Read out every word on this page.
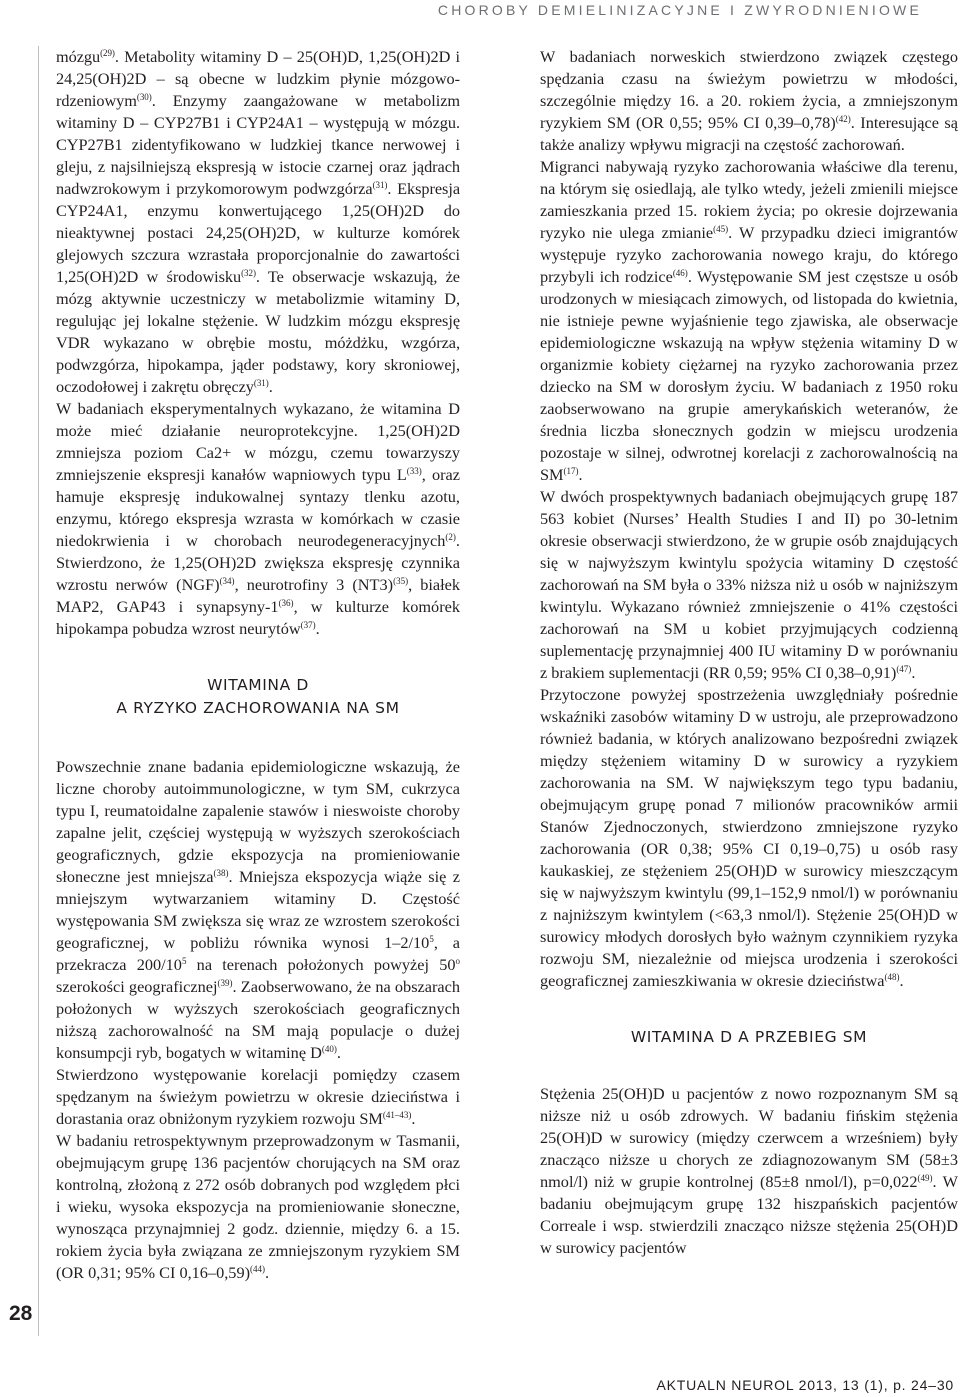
CHOROBY DEMIELINIZACYJNE I ZWYRODNIENIOWE
28

mózgu$^{(29)}$. Metabolity witaminy D – 25(OH)D, 1,25(OH)2D i 24,25(OH)2D – są obecne w ludzkim płynie mózgowo-rdzeniowym$^{(30)}$. Enzymy zaangażowane w metabolizm witaminy D – CYP27B1 i CYP24A1 – występują w mózgu. CYP27B1 zidentyfikowano w ludzkiej tkance nerwowej i gleju, z najsilniejszą ekspresją w istocie czarnej oraz jądrach nadwzrokowym i przykomorowym podwzgórza$^{(31)}$. Ekspresja CYP24A1, enzymu konwertującego 1,25(OH)2D do nieaktywnej postaci 24,25(OH)2D, w kulturze komórek glejowych szczura wzrastała proporcjonalnie do zawartości 1,25(OH)2D w środowisku$^{(32)}$. Te obserwacje wskazują, że mózg aktywnie uczestniczy w metabolizmie witaminy D, regulując jej lokalne stężenie. W ludzkim mózgu ekspresję VDR wykazano w obrębie mostu, móżdżku, wzgórza, podwzgórza, hipokampa, jąder podstawy, kory skroniowej, oczodołowej i zakrętu obręczy$^{(31)}$.

W badaniach eksperymentalnych wykazano, że witamina D może mieć działanie neuroprotekcyjne. 1,25(OH)2D zmniejsza poziom Ca2+ w mózgu, czemu towarzyszy zmniejszenie ekspresji kanałów wapniowych typu $L^{(33)}$, oraz hamuje ekspresję indukowalnej syntazy tlenku azotu, enzymu, którego ekspresja wzrasta w komórkach w czasie niedokrwienia i w chorobach neurodegeneracyjnych$^{(2)}$. Stwierdzono, że 1,25(OH)2D zwiększa ekspresję czynnika wzrostu nerwów (NGF)$^{(34)}$, neurotrofiny 3 $(NT3)^{(35)}$, białek MAP2, GAP43 i synapsyny-1$^{(36)}$, w kulturze komórek hipokampa pobudza wzrost neurytów$^{(37)}$.

WITAMINA D

A RYZYKO ZACHOROWANIA NA SM

Powszechnie znane badania epidemiologiczne wskazują, że liczne choroby autoimmunologiczne, w tym SM, cukrzyca typu I, reumatoidalne zapalenie stawów i nieswoiste choroby zapalne jelit, częściej występują w wyższych szerokościach geograficznych, gdzie ekspozycja na promieniowanie słoneczne jest mniejsza$^{(38)}$. Mniejsza ekspozycja wiąże się z mniejszym wytwarzaniem witaminy D. Częstość występowania SM zwiększa się wraz ze wzrostem szerokości geograficznej, w pobliżu równika wynosi $1-2/10^5$, a przekracza $200/10^5$ na terenach położonych powyżej 50$^o$ szerokości geograficznej$^{(39)}$. Zaobserwowano, że na obszarach położonych w wyższych szerokościach geograficznych niższą zachorowalność na SM mają populacje o dużej konsumpcji ryb, bogatych w witaminę $D^{(40)}$.

Stwierdzono występowanie korelacji pomiędzy czasem spędzanym na świeżym powietrzu w okresie dzieciństwa i dorastania oraz obniżonym ryzykiem rozwoju SM$^{(41-43)}$.

W badaniu retrospektywnym przeprowadzonym w Tasmanii, obejmującym grupę 136 pacjentów chorujących na SM oraz kontrolną, złożoną z 272 osób dobranych pod względem płci i wieku, wysoka ekspozycja na promieniowanie słoneczne, wynosząca przynajmniej 2 godz. dziennie, między 6. a 15. rokiem życia była związana ze zmniejszonym ryzykiem SM (OR 0,31; 95% CI 0,16–0,59)$^{(44)}$.

W badaniach norweskich stwierdzono związek częstego spędzania czasu na świeżym powietrzu w młodości, szczególnie między 16. a 20. rokiem życia, a zmniejszonym ryzykiem SM (OR 0,55; 95% CI 0,39–0,78)$^{(42)}$. Interesujące są także analizy wpływu migracji na częstość zachorowań.

Migranci nabywają ryzyko zachorowania właściwe dla terenu, na którym się osiedlają, ale tylko wtedy, jeżeli zmienili miejsce zamieszkania przed 15. rokiem życia; po okresie dojrzewania ryzyko nie ulega zmianie$^{(45)}$. W przypadku dzieci imigrantów występuje ryzyko zachorowania nowego kraju, do którego przybyli ich rodzice$^{(46)}$. Występowanie SM jest częstsze u osób urodzonych w miesiącach zimowych, od listopada do kwietnia, nie istnieje pewne wyjaśnienie tego zjawiska, ale obserwacje epidemiologiczne wskazują na wpływ stężenia witaminy D w organizmie kobiety ciężarnej na ryzyko zachorowania przez dziecko na SM w dorosłym życiu. W badaniach z 1950 roku zaobserwowano na grupie amerykańskich weteranów, że średnia liczba słonecznych godzin w miejscu urodzenia pozostaje w silnej, odwrotnej korelacji z zachorowalnością na SM$^{(17)}$.

W dwóch prospektywnych badaniach obejmujących grupę 187 563 kobiet (Nurses’ Health Studies I and II) po 30-letnim okresie obserwacji stwierdzono, że w grupie osób znajdujących się w najwyższym kwintylu spożycia witaminy D częstość zachorowań na SM była o 33% niższa niż u osób w najniższym kwintylu. Wykazano również zmniejszenie o 41% częstości zachorowań na SM u kobiet przyjmujących codzienną suplementację przynajmniej 400 IU witaminy D w porównaniu z brakiem suplementacji (RR 0,59; 95% CI 0,38–0,91)$^{(47)}$.

Przytoczone powyżej spostrzeżenia uwzględniały pośrednie wskaźniki zasobów witaminy D w ustroju, ale przeprowadzono również badania, w których analizowano bezpośredni związek między stężeniem witaminy D w surowicy a ryzykiem zachorowania na SM. W największym tego typu badaniu, obejmującym grupę ponad 7 milionów pracowników armii Stanów Zjednoczonych, stwierdzono zmniejszone ryzyko zachorowania (OR 0,38; 95% CI 0,19–0,75) u osób rasy kaukaskiej, ze stężeniem 25(OH)D w surowicy mieszczącym się w najwyższym kwintylu (99,1–152,9 nmol/l) w porównaniu z najniższym kwintylem (<63,3 nmol/l). Stężenie 25(OH)D w surowicy młodych dorosłych było ważnym czynnikiem ryzyka rozwoju SM, niezależnie od miejsca urodzenia i szerokości geograficznej zamieszkiwania w okresie dzieciństwa$^{(48)}$.

WITAMINA D A PRZEBIEG SM

Stężenia 25(OH)D u pacjentów z nowo rozpoznanym SM są niższe niż u osób zdrowych. W badaniu fińskim stężenia 25(OH)D w surowicy (między czerwcem a wrześniem) były znacząco niższe u chorych ze zdiagnozowanym SM (58±3 nmol/l) niż w grupie kontrolnej (85±8 nmol/l), $p=0,022^{(49)}$. W badaniu obejmującym grupę 132 hiszpańskich pacjentów Correale i wsp. stwierdzili znacząco niższe stężenia 25(OH)D w surowicy pacjentów

AKTUALN NEUROL 2013, 13 (1), p. 24–30
